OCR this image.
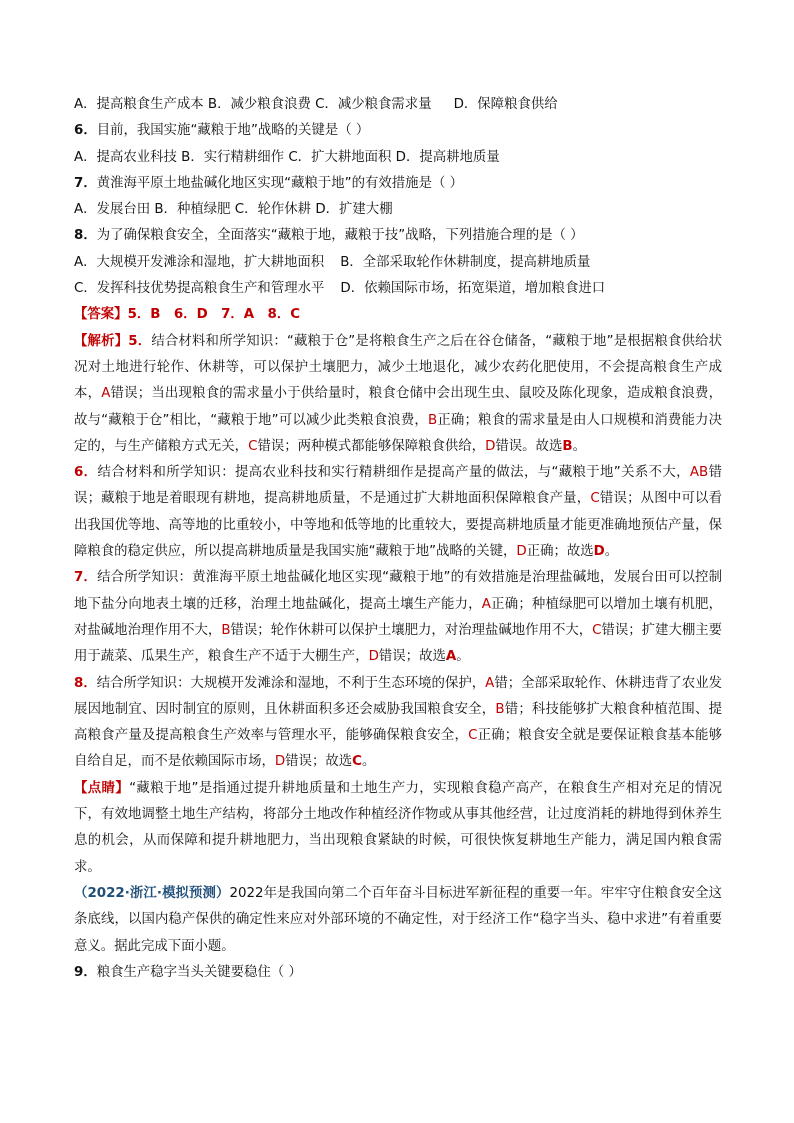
A．提高粮食生产成本 B．减少粮食浪费 C．减少粮食需求量 D．保障粮食供给
6．目前，我国实施“藏粮于地”战略的关键是（ ）
A．提高农业科技 B．实行精耕细作 C．扩大耕地面积 D．提高耕地质量
7．黄淮海平原土地盐碱化地区实现“藏粮于地”的有效措施是（ ）
A．发展台田 B．种植绿肥 C．轮作休耕 D．扩建大棚
8．为了确保粮食安全，全面落实“藏粮于地，藏粮于技”战略，下列措施合理的是（ ）
A．大规模开发滩涂和湿地，扩大耕地面积 B．全部采取轮作休耕制度，提高耕地质量
C．发挥科技优势提高粮食生产和管理水平 D．依赖国际市场，拓宽渠道，增加粮食进口
【答案】5．B　6．D　7．A　8．C
【解析】5．结合材料和所学知识：“藏粮于仓”是将粮食生产之后在谷仓储备，“藏粮于地”是根据粮食供给状况对土地进行轮作、休耕等，可以保护土壤肥力，减少土地退化，减少农药化肥使用，不会提高粮食生产成本，A错误；当出现粮食的需求量小于供给量时，粮食仓储中会出现生虫、鼠咬及陈化现象，造成粮食浪费，故与“藏粮于仓”相比，“藏粮于地”可以减少此类粮食浪费，B正确；粮食的需求量是由人口规模和消费能力决定的，与生产储粮方式无关，C错误；两种模式都能够保障粮食供给，D错误。故选B。
6．结合材料和所学知识：提高农业科技和实行精耕细作是提高产量的做法，与“藏粮于地”关系不大，AB错误；藏粮于地是着眼现有耕地，提高耕地质量，不是通过扩大耕地面积保障粮食产量，C错误；从图中可以看出我国优等地、高等地的比重较小，中等地和低等地的比重较大，要提高耕地质量才能更准确地预估产量，保障粮食的稳定供应，所以提高耕地质量是我国实施“藏粮于地”战略的关键，D正确；故选D。
7．结合所学知识：黄淮海平原土地盐碱化地区实现“藏粮于地”的有效措施是治理盐碱地，发展台田可以控制地下盐分向地表土壤的迁移，治理土地盐碱化，提高土壤生产能力，A正确；种植绿肥可以增加土壤有机肥，对盐碱地治理作用不大，B错误；轮作休耕可以保护土壤肥力，对治理盐碱地作用不大，C错误；扩建大棚主要用于蔬菜、瓜果生产，粮食生产不适于大棚生产，D错误；故选A。
8．结合所学知识：大规模开发滩涂和湿地，不利于生态环境的保护，A错；全部采取轮作、休耕违背了农业发展因地制宜、因时制宜的原则，且休耕面积多还会威胁我国粮食安全，B错；科技能够扩大粮食种植范围、提高粮食产量及提高粮食生产效率与管理水平，能够确保粮食安全，C正确；粮食安全就是要保证粮食基本能够自给自足，而不是依赖国际市场，D错误；故选C。
【点睛】“藏粮于地”是指通过提升耕地质量和土地生产力，实现粮食稳产高产，在粮食生产相对充足的情况下，有效地调整土地生产结构，将部分土地改作种植经济作物或从事其他经营，让过度消耗的耕地得到休养生息的机会，从而保障和提升耕地肥力，当出现粮食紧缺的时候，可很快恢复耕地生产能力，满足国内粮食需求。
（2022·浙江·模拟预测）2022年是我国向第二个百年奋斗目标进军新征程的重要一年。牢牢守住粮食安全这条底线，以国内稳产保供的确定性来应对外部环境的不确定性，对于经济工作“稳字当头、稳中求进”有着重要意义。据此完成下面小题。
9．粮食生产稳字当头关键要稳住（ ）
